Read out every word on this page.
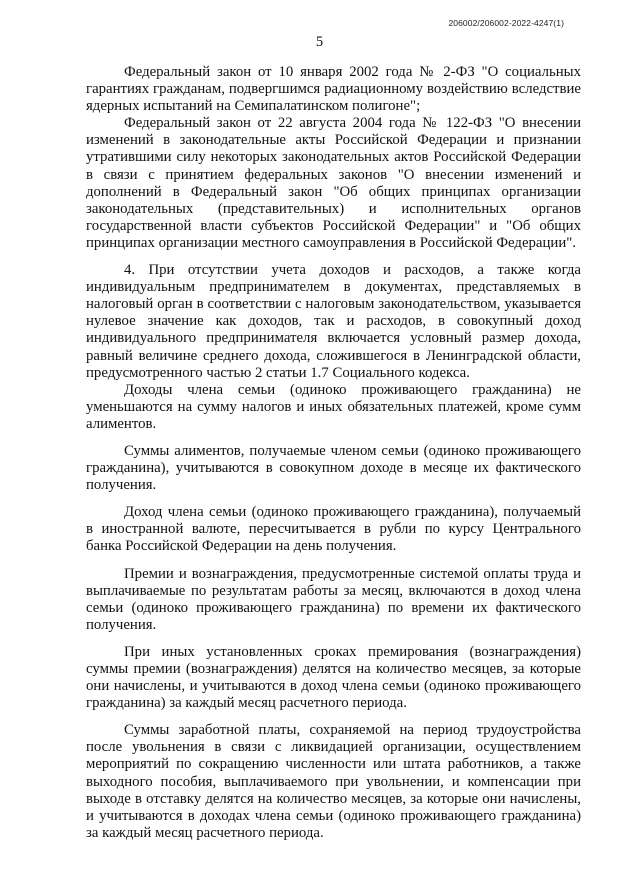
206002/206002-2022-4247(1)
5

Федеральный закон от 10 января 2002 года № 2-ФЗ "О социальных гарантиях гражданам, подвергшимся радиационному воздействию вследствие ядерных испытаний на Семипалатинском полигоне";

Федеральный закон от 22 августа 2004 года № 122-ФЗ "О внесении изменений в законодательные акты Российской Федерации и признании утратившими силу некоторых законодательных актов Российской Федерации в связи с принятием федеральных законов "О внесении изменений и дополнений в Федеральный закон "Об общих принципах организации законодательных (представительных) и исполнительных органов государственной власти субъектов Российской Федерации" и "Об общих принципах организации местного самоуправления в Российской Федерации".

4. При отсутствии учета доходов и расходов, а также когда индивидуальным предпринимателем в документах, представляемых в налоговый орган в соответствии с налоговым законодательством, указывается нулевое значение как доходов, так и расходов, в совокупный доход индивидуального предпринимателя включается условный размер дохода, равный величине среднего дохода, сложившегося в Ленинградской области, предусмотренного частью 2 статьи 1.7 Социального кодекса.

Доходы члена семьи (одиноко проживающего гражданина) не уменьшаются на сумму налогов и иных обязательных платежей, кроме сумм алиментов.

Суммы алиментов, получаемые членом семьи (одиноко проживающего гражданина), учитываются в совокупном доходе в месяце их фактического получения.

Доход члена семьи (одиноко проживающего гражданина), получаемый в иностранной валюте, пересчитывается в рубли по курсу Центрального банка Российской Федерации на день получения.

Премии и вознаграждения, предусмотренные системой оплаты труда и выплачиваемые по результатам работы за месяц, включаются в доход члена семьи (одиноко проживающего гражданина) по времени их фактического получения.

При иных установленных сроках премирования (вознаграждения) суммы премии (вознаграждения) делятся на количество месяцев, за которые они начислены, и учитываются в доход члена семьи (одиноко проживающего гражданина) за каждый месяц расчетного периода.

Суммы заработной платы, сохраняемой на период трудоустройства после увольнения в связи с ликвидацией организации, осуществлением мероприятий по сокращению численности или штата работников, а также выходного пособия, выплачиваемого при увольнении, и компенсации при выходе в отставку делятся на количество месяцев, за которые они начислены, и учитываются в доходах члена семьи (одиноко проживающего гражданина) за каждый месяц расчетного периода.
